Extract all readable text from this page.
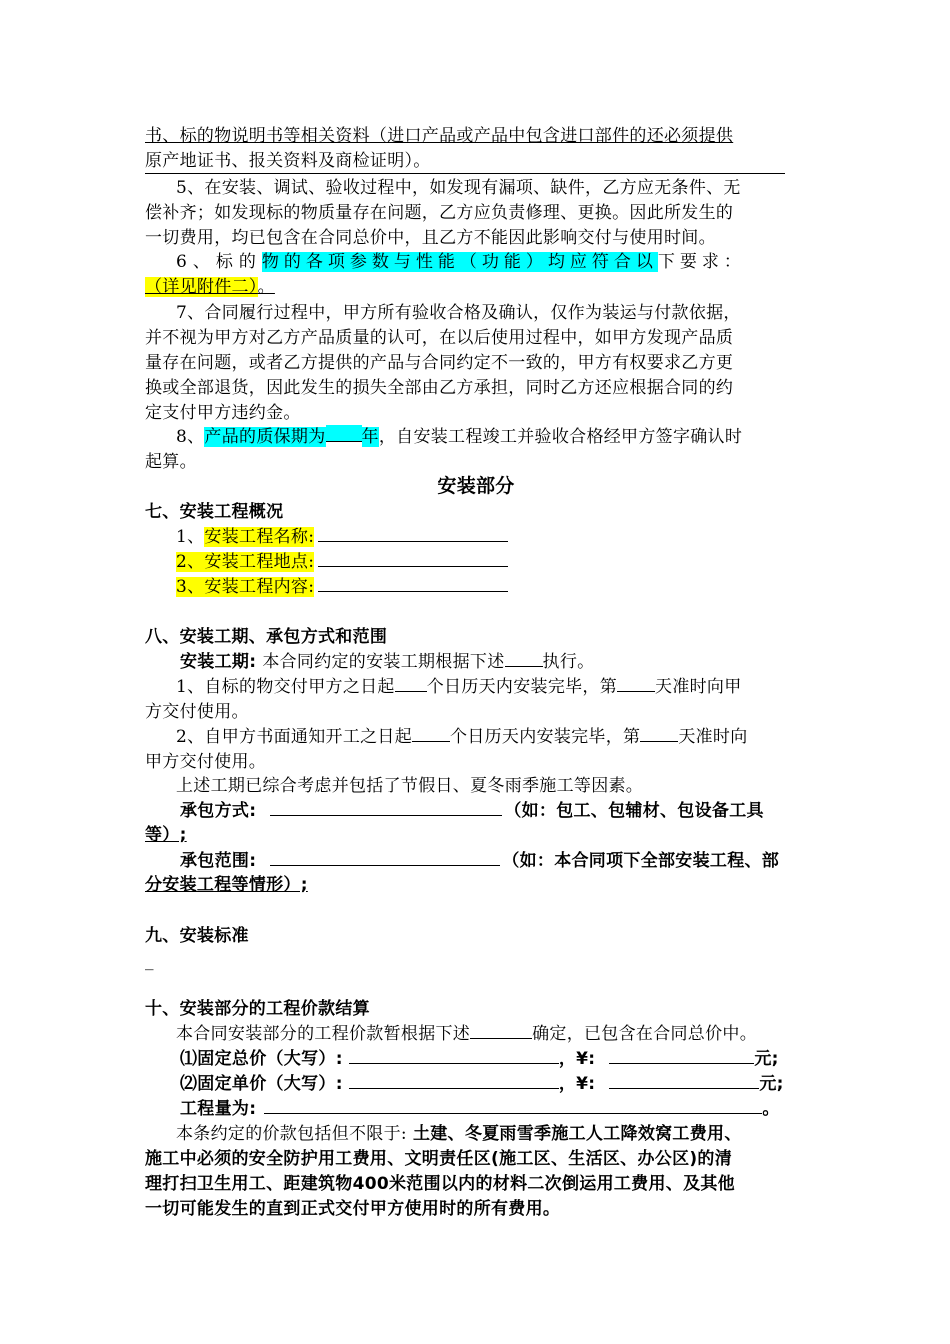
书、标的物说明书等相关资料（进口产品或产品中包含进口部件的还必须提供
原产地证书、报关资料及商检证明）。
5、在安装、调试、验收过程中，如发现有漏项、缺件，乙方应无条件、无
偿补齐；如发现标的物质量存在问题，乙方应负责修理、更换。因此所发生的
一切费用，均已包含在合同总价中，且乙方不能因此影响交付与使用时间。
6、标的物的各项参数与性能（功能）均应符合以下要求：
（详见附件二）。
7、合同履行过程中，甲方所有验收合格及确认，仅作为装运与付款依据，
并不视为甲方对乙方产品质量的认可，在以后使用过程中，如甲方发现产品质
量存在问题，或者乙方提供的产品与合同约定不一致的，甲方有权要求乙方更
换或全部退货，因此发生的损失全部由乙方承担，同时乙方还应根据合同的约
定支付甲方违约金。
8、产品的质保期为 年，自安装工程竣工并验收合格经甲方签字确认时
起算。
安装部分
七、安装工程概况
1、安装工程名称:
2、安装工程地点:
3、安装工程内容:
八、安装工期、承包方式和范围
安装工期: 本合同约定的安装工期根据下述 执行。
1、自标的物交付甲方之日起 个日历天内安装完毕，第 天准时向甲
方交付使用。
2、自甲方书面通知开工之日起 个日历天内安装完毕，第 天准时向
甲方交付使用。
上述工期已综合考虑并包括了节假日、夏冬雨季施工等因素。
承包方式:	（如：包工、包辅材、包设备工具
等）;
承包范围:	（如：本合同项下全部安装工程、部
分安装工程等情形）;
九、安装标准
_
十、安装部分的工程价款结算
本合同安装部分的工程价款暂根据下述	确定，已包含在合同总价中。
⑴固定总价（大写）:	，¥:	元;
⑵固定单价（大写）:	，¥:	元;
工程量为:	。
本条约定的价款包括但不限于: 土建、冬夏雨雪季施工人工降效窝工费用、
施工中必须的安全防护用工费用、文明责任区(施工区、生活区、办公区)的清
理打扫卫生用工、距建筑物400米范围以内的材料二次倒运用工费用、及其他
一切可能发生的直到正式交付甲方使用时的所有费用。
